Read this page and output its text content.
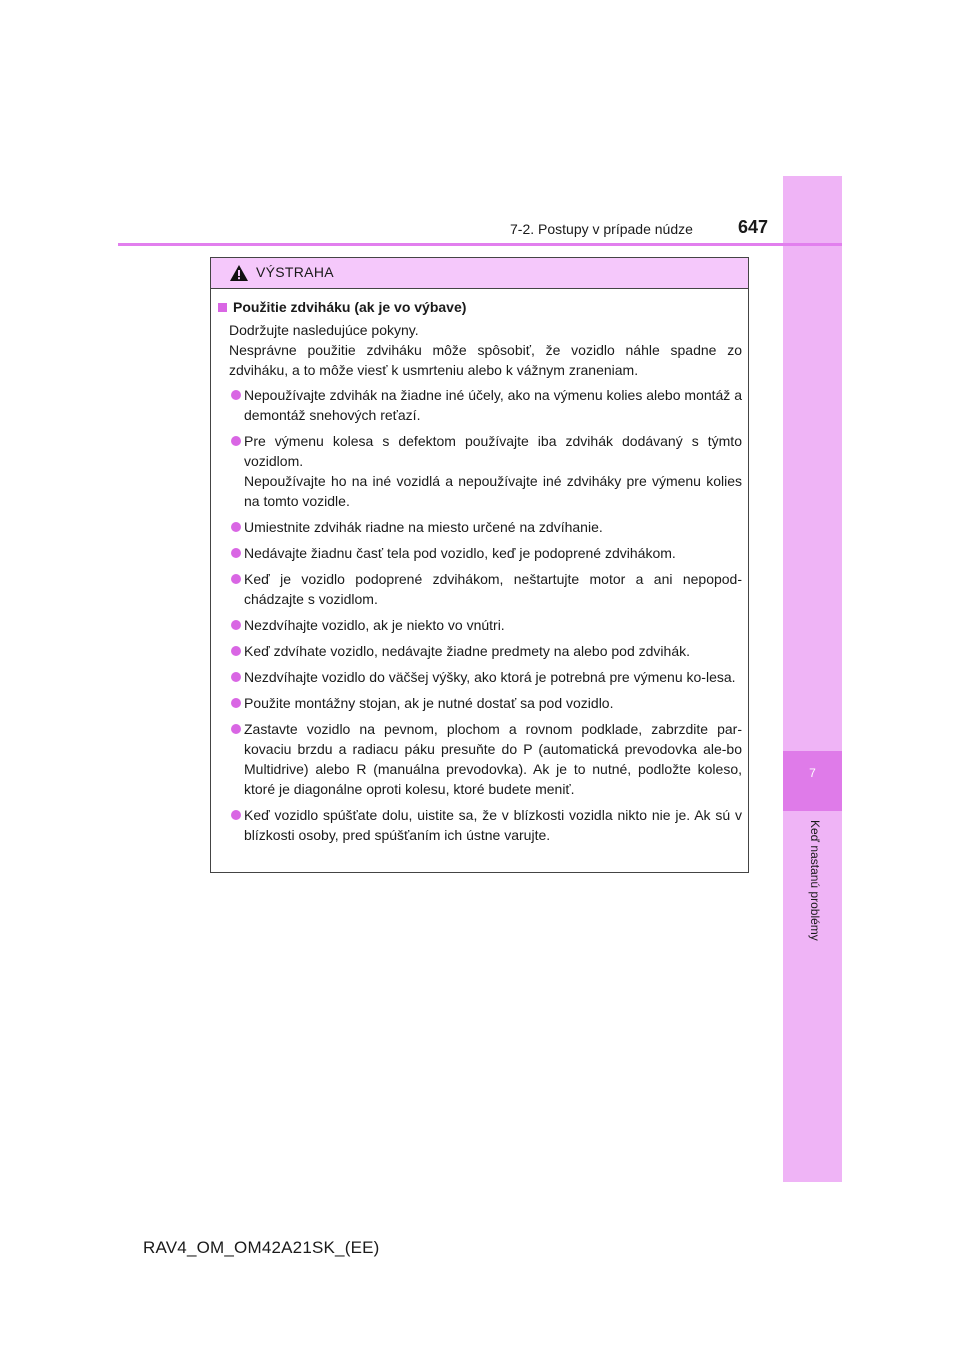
7
Keď nastanú problémy
7-2. Postupy v prípade núdze	647
VÝSTRAHA
Použitie zdviháku (ak je vo výbave)

Dodržujte nasledujúce pokyny.

Nesprávne použitie zdviháku môže spôsobiť, že vozidlo náhle spadne zo zdviháku, a to môže viesť k usmrteniu alebo k vážnym zraneniam.

Nepoužívajte zdvihák na žiadne iné účely, ako na výmenu kolies alebo montáž a demontáž snehových reťazí.
Pre výmenu kolesa s defektom používajte iba zdvihák dodávaný s týmto vozidlom.
Nepoužívajte ho na iné vozidlá a nepoužívajte iné zdviháky pre výmenu kolies na tomto vozidle.
Umiestnite zdvihák riadne na miesto určené na zdvíhanie.
Nedávajte žiadnu časť tela pod vozidlo, keď je podoprené zdvihákom.
Keď je vozidlo podoprené zdvihákom, neštartujte motor a ani nepopod-chádzajte s vozidlom.
Nezdvíhajte vozidlo, ak je niekto vo vnútri.
Keď zdvíhate vozidlo, nedávajte žiadne predmety na alebo pod zdvihák.
Nezdvíhajte vozidlo do väčšej výšky, ako ktorá je potrebná pre výmenu ko-lesa.
Použite montážny stojan, ak je nutné dostať sa pod vozidlo.
Zastavte vozidlo na pevnom, plochom a rovnom podklade, zabrzdite par-kovaciu brzdu a radiacu páku presuňte do P (automatická prevodovka ale-bo Multidrive) alebo R (manuálna prevodovka). Ak je to nutné, podložte koleso, ktoré je diagonálne oproti kolesu, ktoré budete meniť.
Keď vozidlo spúšťate dolu, uistite sa, že v blízkosti vozidla nikto nie je. Ak sú v blízkosti osoby, pred spúšťaním ich ústne varujte.
RAV4_OM_OM42A21SK_(EE)
